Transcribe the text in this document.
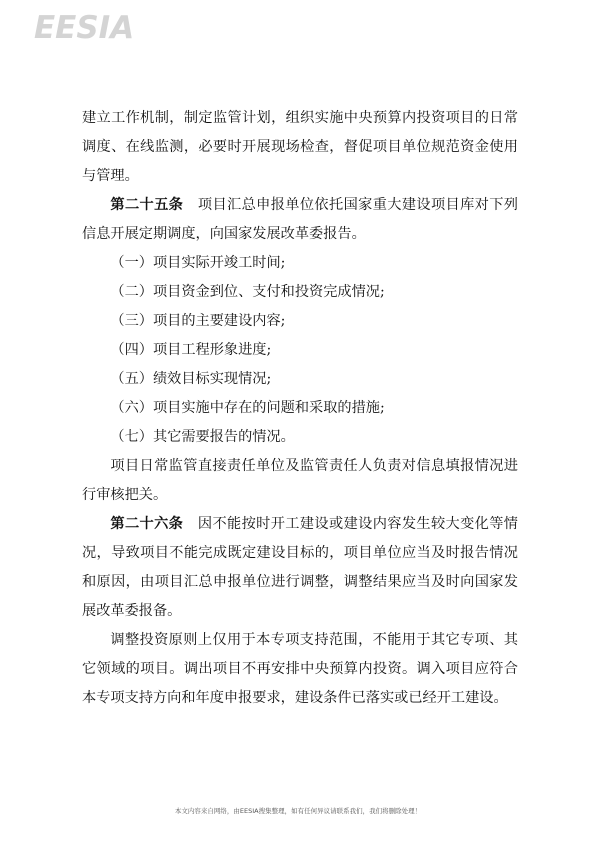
EESIA

建立工作机制，制定监管计划，组织实施中央预算内投资项目的日常调度、在线监测，必要时开展现场检查，督促项目单位规范资金使用与管理。

第二十五条 项目汇总申报单位依托国家重大建设项目库对下列信息开展定期调度，向国家发展改革委报告。

（一）项目实际开竣工时间;

（二）项目资金到位、支付和投资完成情况;

（三）项目的主要建设内容;

（四）项目工程形象进度;

（五）绩效目标实现情况;

（六）项目实施中存在的问题和采取的措施;

（七）其它需要报告的情况。

项目日常监管直接责任单位及监管责任人负责对信息填报情况进行审核把关。

第二十六条 因不能按时开工建设或建设内容发生较大变化等情况，导致项目不能完成既定建设目标的，项目单位应当及时报告情况和原因，由项目汇总申报单位进行调整，调整结果应当及时向国家发展改革委报备。

调整投资原则上仅用于本专项支持范围，不能用于其它专项、其它领域的项目。调出项目不再安排中央预算内投资。调入项目应符合本专项支持方向和年度申报要求，建设条件已落实或已经开工建设。

本文内容来自网络，由EESIA搜集整理，如有任何异议请联系我们，我们将删除处理！
